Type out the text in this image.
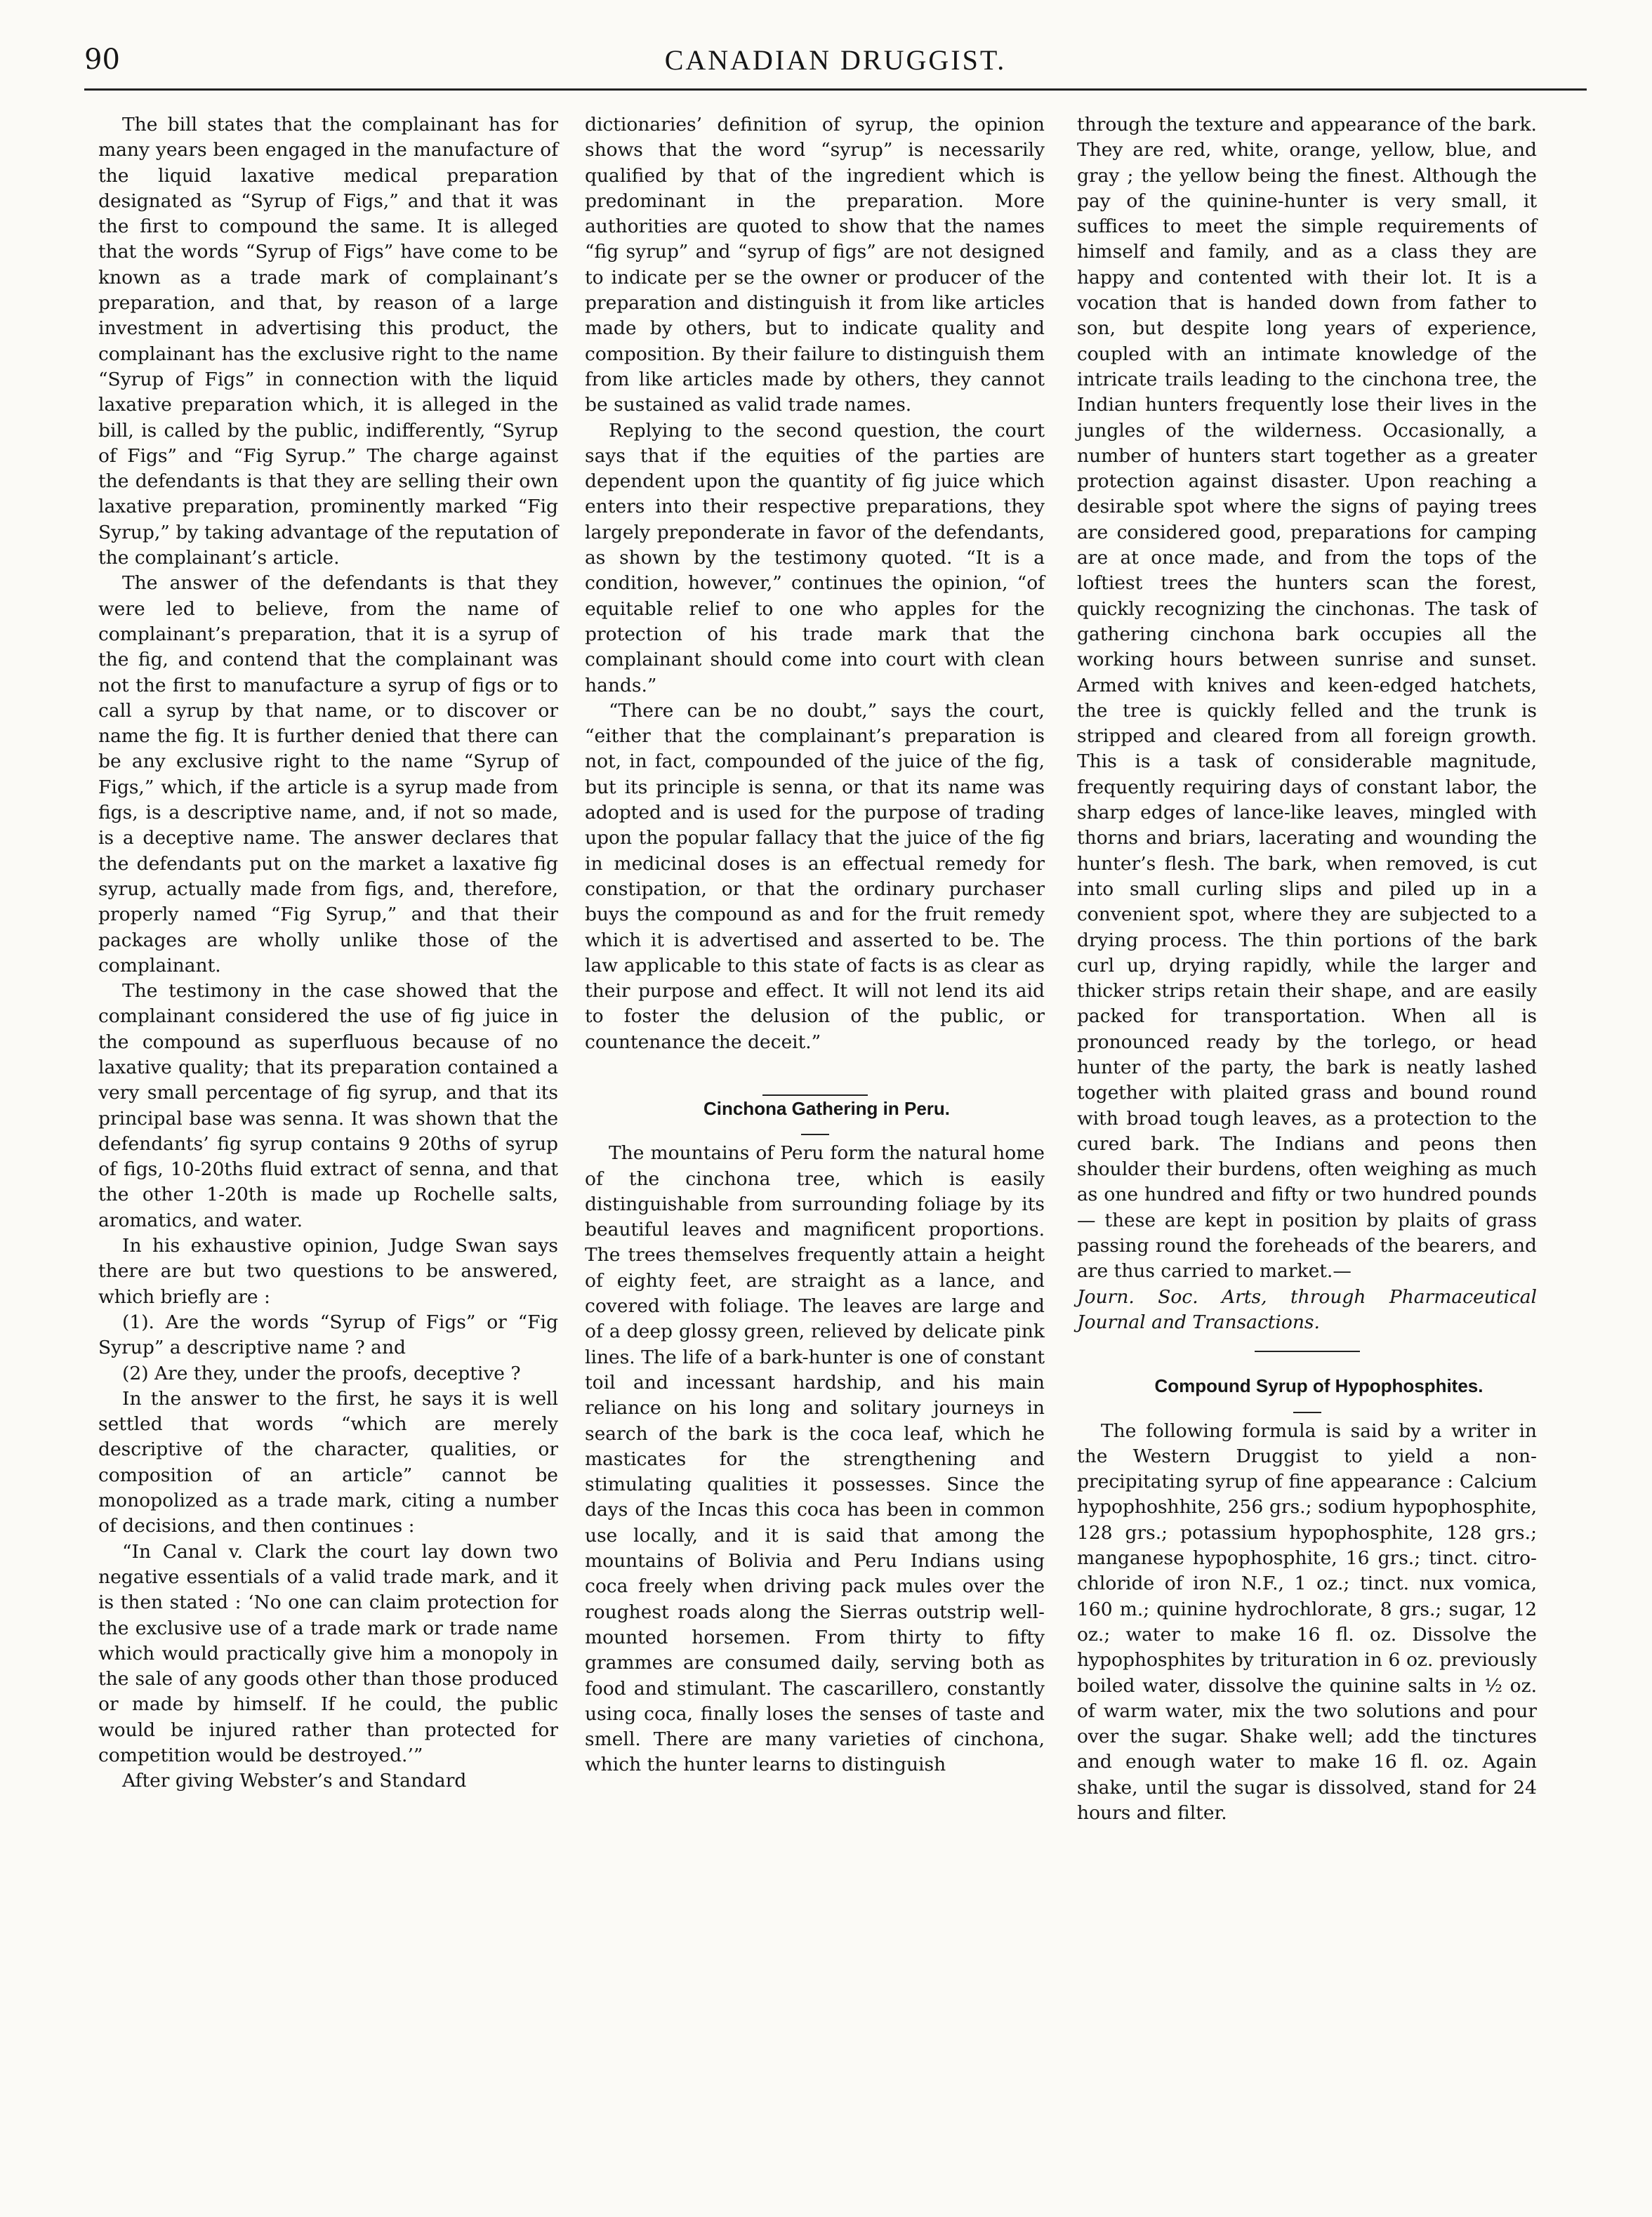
90	CANADIAN DRUGGIST.

The bill states that the complainant has for many years been engaged in the manufacture of the liquid laxative medical preparation designated as “Syrup of Figs,” and that it was the first to compound the same. It is alleged that the words “Syrup of Figs” have come to be known as a trade mark of complainant’s preparation, and that, by reason of a large investment in advertising this product, the complainant has the exclusive right to the name “Syrup of Figs” in connection with the liquid laxative preparation which, it is alleged in the bill, is called by the public, indifferently, “Syrup of Figs” and “Fig Syrup.” The charge against the defendants is that they are selling their own laxative preparation, prominently marked “Fig Syrup,” by taking advantage of the reputation of the complainant’s article.

The answer of the defendants is that they were led to believe, from the name of complainant’s preparation, that it is a syrup of the fig, and contend that the complainant was not the first to manufacture a syrup of figs or to call a syrup by that name, or to discover or name the fig. It is further denied that there can be any exclusive right to the name “Syrup of Figs,” which, if the article is a syrup made from figs, is a descriptive name, and, if not so made, is a deceptive name. The answer declares that the defendants put on the market a laxative fig syrup, actually made from figs, and, therefore, properly named “Fig Syrup,” and that their packages are wholly unlike those of the complainant.

The testimony in the case showed that the complainant considered the use of fig juice in the compound as superfluous because of no laxative quality; that its preparation contained a very small percentage of fig syrup, and that its principal base was senna. It was shown that the defendants’ fig syrup contains 9 20ths of syrup of figs, 10-20ths fluid extract of senna, and that the other 1-20th is made up Rochelle salts, aromatics, and water.

In his exhaustive opinion, Judge Swan says there are but two questions to be answered, which briefly are :

(1). Are the words “Syrup of Figs” or “Fig Syrup” a descriptive name ? and

(2) Are they, under the proofs, deceptive ?

In the answer to the first, he says it is well settled that words “which are merely descriptive of the character, qualities, or composition of an article” cannot be monopolized as a trade mark, citing a number of decisions, and then continues :

“In Canal v. Clark the court lay down two negative essentials of a valid trade mark, and it is then stated : ‘No one can claim protection for the exclusive use of a trade mark or trade name which would practically give him a monopoly in the sale of any goods other than those produced or made by himself. If he could, the public would be injured rather than protected for competition would be destroyed.’”

After giving Webster’s and Standard

dictionaries’ definition of syrup, the opinion shows that the word “syrup” is necessarily qualified by that of the ingredient which is predominant in the preparation. More authorities are quoted to show that the names “fig syrup” and “syrup of figs” are not designed to indicate per se the owner or producer of the preparation and distinguish it from like articles made by others, but to indicate quality and composition. By their failure to distinguish them from like articles made by others, they cannot be sustained as valid trade names.

Replying to the second question, the court says that if the equities of the parties are dependent upon the quantity of fig juice which enters into their respective preparations, they largely preponderate in favor of the defendants, as shown by the testimony quoted. “It is a condition, however,” continues the opinion, “of equitable relief to one who apples for the protection of his trade mark that the complainant should come into court with clean hands.”

“There can be no doubt,” says the court, “either that the complainant’s preparation is not, in fact, compounded of the juice of the fig, but its principle is senna, or that its name was adopted and is used for the purpose of trading upon the popular fallacy that the juice of the fig in medicinal doses is an effectual remedy for constipation, or that the ordinary purchaser buys the compound as and for the fruit remedy which it is advertised and asserted to be. The law applicable to this state of facts is as clear as their purpose and effect. It will not lend its aid to foster the delusion of the public, or countenance the deceit.”

Cinchona Gathering in Peru.

The mountains of Peru form the natural home of the cinchona tree, which is easily distinguishable from surrounding foliage by its beautiful leaves and magnificent proportions. The trees themselves frequently attain a height of eighty feet, are straight as a lance, and covered with foliage. The leaves are large and of a deep glossy green, relieved by delicate pink lines. The life of a bark-hunter is one of constant toil and incessant hardship, and his main reliance on his long and solitary journeys in search of the bark is the coca leaf, which he masticates for the strengthening and stimulating qualities it possesses. Since the days of the Incas this coca has been in common use locally, and it is said that among the mountains of Bolivia and Peru Indians using coca freely when driving pack mules over the roughest roads along the Sierras outstrip well-mounted horsemen. From thirty to fifty grammes are consumed daily, serving both as food and stimulant. The cascarillero, constantly using coca, finally loses the senses of taste and smell. There are many varieties of cinchona, which the hunter learns to distinguish

through the texture and appearance of the bark. They are red, white, orange, yellow, blue, and gray ; the yellow being the finest. Although the pay of the quinine-hunter is very small, it suffices to meet the simple requirements of himself and family, and as a class they are happy and contented with their lot. It is a vocation that is handed down from father to son, but despite long years of experience, coupled with an intimate knowledge of the intricate trails leading to the cinchona tree, the Indian hunters frequently lose their lives in the jungles of the wilderness. Occasionally, a number of hunters start together as a greater protection against disaster. Upon reaching a desirable spot where the signs of paying trees are considered good, preparations for camping are at once made, and from the tops of the loftiest trees the hunters scan the forest, quickly recognizing the cinchonas. The task of gathering cinchona bark occupies all the working hours between sunrise and sunset. Armed with knives and keen-edged hatchets, the tree is quickly felled and the trunk is stripped and cleared from all foreign growth. This is a task of considerable magnitude, frequently requiring days of constant labor, the sharp edges of lance-like leaves, mingled with thorns and briars, lacerating and wounding the hunter’s flesh. The bark, when removed, is cut into small curling slips and piled up in a convenient spot, where they are subjected to a drying process. The thin portions of the bark curl up, drying rapidly, while the larger and thicker strips retain their shape, and are easily packed for transportation. When all is pronounced ready by the torlego, or head hunter of the party, the bark is neatly lashed together with plaited grass and bound round with broad tough leaves, as a protection to the cured bark. The Indians and peons then shoulder their burdens, often weighing as much as one hundred and fifty or two hundred pounds — these are kept in position by plaits of grass passing round the foreheads of the bearers, and are thus carried to market.—

Journ. Soc. Arts, through Pharmaceutical Journal and Transactions.

Compound Syrup of Hypophosphites.

The following formula is said by a writer in the Western Druggist to yield a non-precipitating syrup of fine appearance : Calcium hypophoshhite, 256 grs.; sodium hypophosphite, 128 grs.; potassium hypophosphite, 128 grs.; manganese hypophosphite, 16 grs.; tinct. citro-chloride of iron N.F., 1 oz.; tinct. nux vomica, 160 m.; quinine hydrochlorate, 8 grs.; sugar, 12 oz.; water to make 16 fl. oz. Dissolve the hypophosphites by trituration in 6 oz. previously boiled water, dissolve the quinine salts in ½ oz. of warm water, mix the two solutions and pour over the sugar. Shake well; add the tinctures and enough water to make 16 fl. oz. Again shake, until the sugar is dissolved, stand for 24 hours and filter.
